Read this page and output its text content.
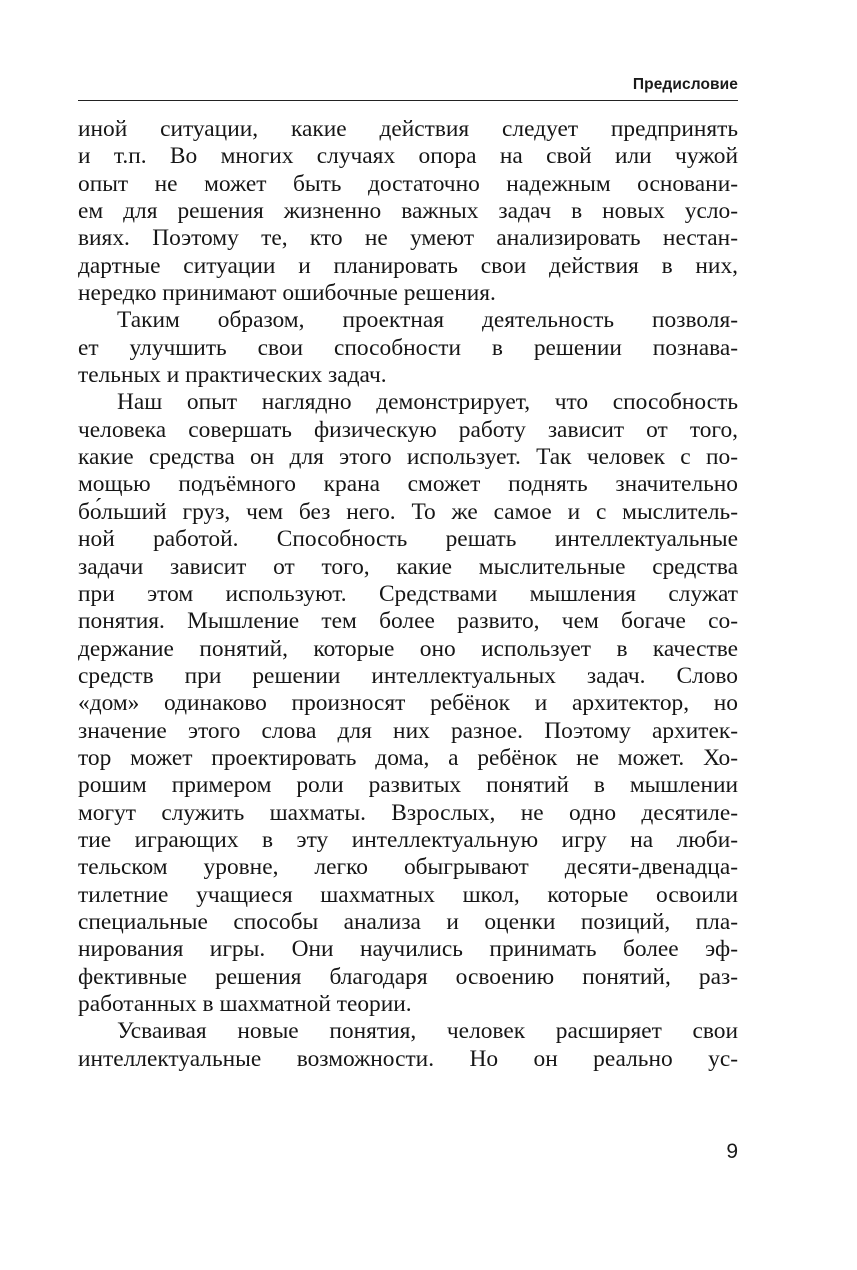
Предисловие
иной ситуации, какие действия следует предпринять
и т.п. Во многих случаях опора на свой или чужой
опыт не может быть достаточно надежным основани-
ем для решения жизненно важных задач в новых усло-
виях. Поэтому те, кто не умеют анализировать нестан-
дартные ситуации и планировать свои действия в них,
нередко принимают ошибочные решения.
Таким образом, проектная деятельность позволя-
ет улучшить свои способности в решении познава-
тельных и практических задач.
Наш опыт наглядно демонстрирует, что способность
человека совершать физическую работу зависит от того,
какие средства он для этого использует. Так человек с по-
мощью подъёмного крана сможет поднять значительно
бо́льший груз, чем без него. То же самое и с мыслитель-
ной работой. Способность решать интеллектуальные
задачи зависит от того, какие мыслительные средства
при этом используют. Средствами мышления служат
понятия. Мышление тем более развито, чем богаче со-
держание понятий, которые оно использует в качестве
средств при решении интеллектуальных задач. Слово
«дом» одинаково произносят ребёнок и архитектор, но
значение этого слова для них разное. Поэтому архитек-
тор может проектировать дома, а ребёнок не может. Хо-
рошим примером роли развитых понятий в мышлении
могут служить шахматы. Взрослых, не одно десятиле-
тие играющих в эту интеллектуальную игру на люби-
тельском уровне, легко обыгрывают десяти-двенадца-
тилетние учащиеся шахматных школ, которые освоили
специальные способы анализа и оценки позиций, пла-
нирования игры. Они научились принимать более эф-
фективные решения благодаря освоению понятий, раз-
работанных в шахматной теории.
Усваивая новые понятия, человек расширяет свои
интеллектуальные возможности. Но он реально ус-
9
